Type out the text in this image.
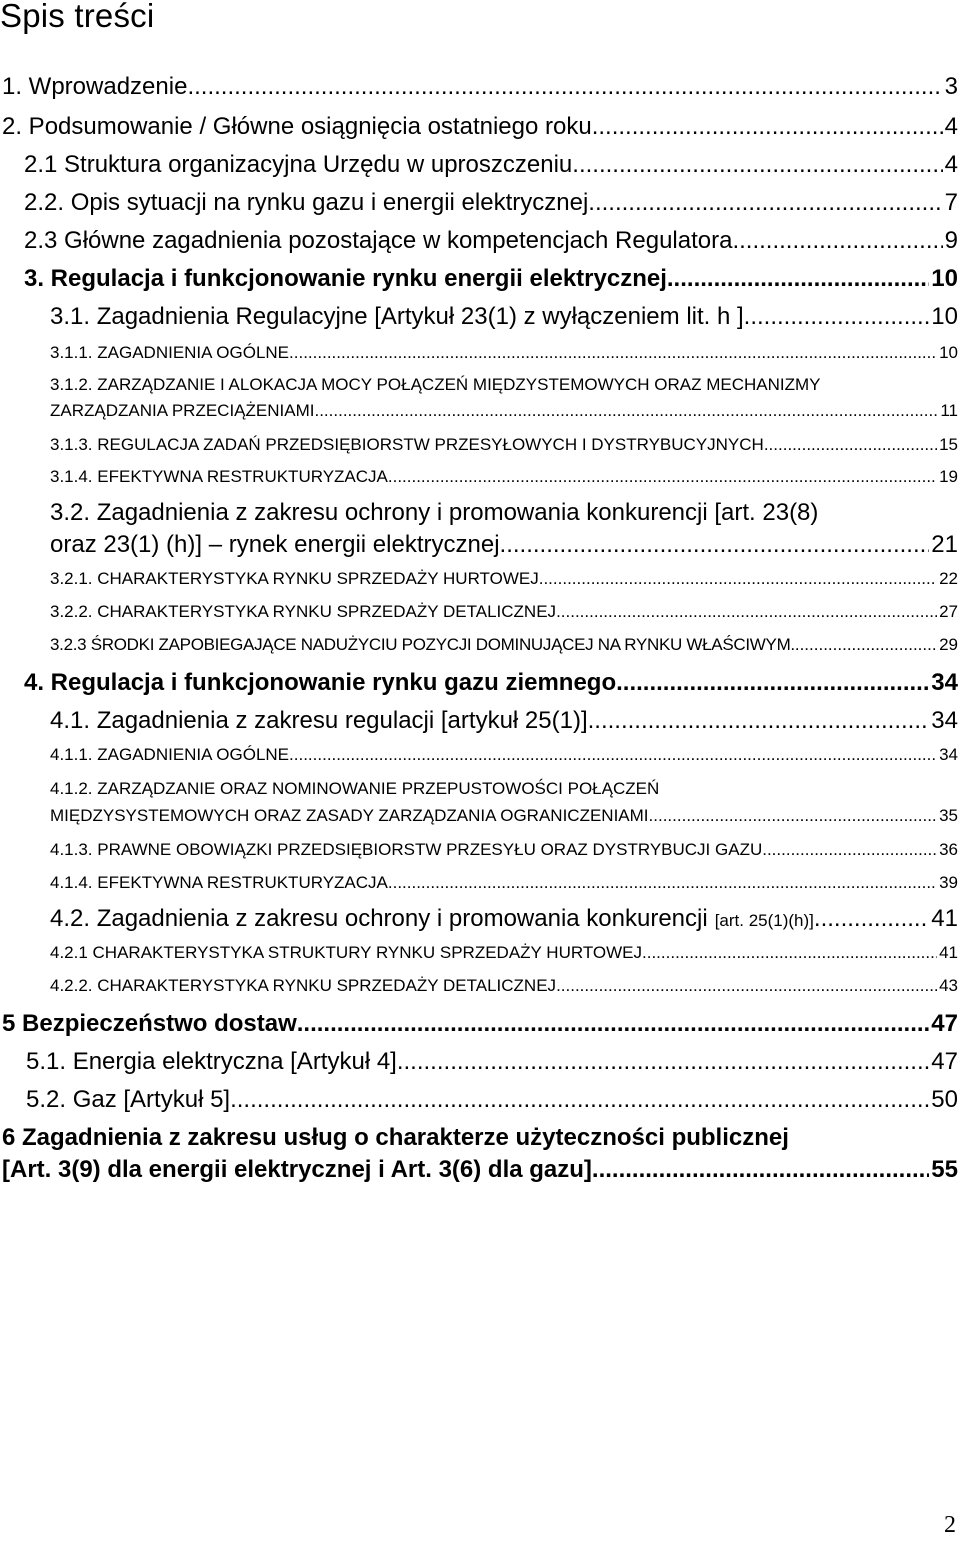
Spis treści
1. Wprowadzenie .....	3
2. Podsumowanie / Główne osiągnięcia ostatniego roku .....	4
2.1 Struktura organizacyjna Urzędu w uproszczeniu .....	4
2.2. Opis sytuacji na rynku gazu i energii elektrycznej .....	7
2.3 Główne zagadnienia pozostające w kompetencjach Regulatora. .....	9
3. Regulacja i funkcjonowanie rynku energii elektrycznej .....	10
3.1. Zagadnienia Regulacyjne [Artykuł 23(1) z wyłączeniem lit. h ] .....	10
3.1.1. ZAGADNIENIA OGÓLNE .....	10
3.1.2. ZARZĄDZANIE I ALOKACJA MOCY POŁĄCZEŃ MIĘDZYSTEMOWYCH ORAZ MECHANIZMY
ZARZĄDZANIA PRZECIĄŻENIAMI .....	11
3.1.3. REGULACJA ZADAŃ PRZEDSIĘBIORSTW PRZESYŁOWYCH I DYSTRYBUCYJNYCH .....	15
3.1.4. EFEKTYWNA RESTRUKTURYZACJA .....	19
3.2. Zagadnienia z zakresu ochrony i promowania konkurencji [art. 23(8)
oraz 23(1) (h)] – rynek energii elektrycznej .....	21
3.2.1. CHARAKTERYSTYKA RYNKU SPRZEDAŻY HURTOWEJ .....	22
3.2.2. CHARAKTERYSTYKA RYNKU SPRZEDAŻY DETALICZNEJ .....	27
3.2.3 ŚRODKI ZAPOBIEGAJĄCE NADUŻYCIU POZYCJI DOMINUJĄCEJ NA RYNKU WŁAŚCIWYM. .....	29
4. Regulacja i funkcjonowanie rynku gazu ziemnego .....	34
4.1. Zagadnienia z zakresu regulacji [artykuł 25(1)] .....	34
4.1.1. ZAGADNIENIA OGÓLNE .....	34
4.1.2. ZARZĄDZANIE ORAZ NOMINOWANIE PRZEPUSTOWOŚCI POŁĄCZEŃ
MIĘDZYSYSTEMOWYCH ORAZ ZASADY ZARZĄDZANIA OGRANICZENIAMI .....	35
4.1.3. PRAWNE OBOWIĄZKI PRZEDSIĘBIORSTW PRZESYŁU ORAZ DYSTRYBUCJI GAZU .....	36
4.1.4. EFEKTYWNA RESTRUKTURYZACJA .....	39
4.2. Zagadnienia z zakresu ochrony i promowania konkurencji [art. 25(1)(h)] .....	41
4.2.1 CHARAKTERYSTYKA STRUKTURY RYNKU SPRZEDAŻY HURTOWEJ .....	41
4.2.2. CHARAKTERYSTYKA RYNKU SPRZEDAŻY DETALICZNEJ .....	43
5 Bezpieczeństwo dostaw .....	47
5.1. Energia elektryczna [Artykuł 4] .....	47
5.2. Gaz [Artykuł 5] .....	50
6 Zagadnienia z zakresu usług o charakterze użyteczności publicznej
[Art. 3(9) dla energii elektrycznej i Art. 3(6) dla gazu] .....	55
2
